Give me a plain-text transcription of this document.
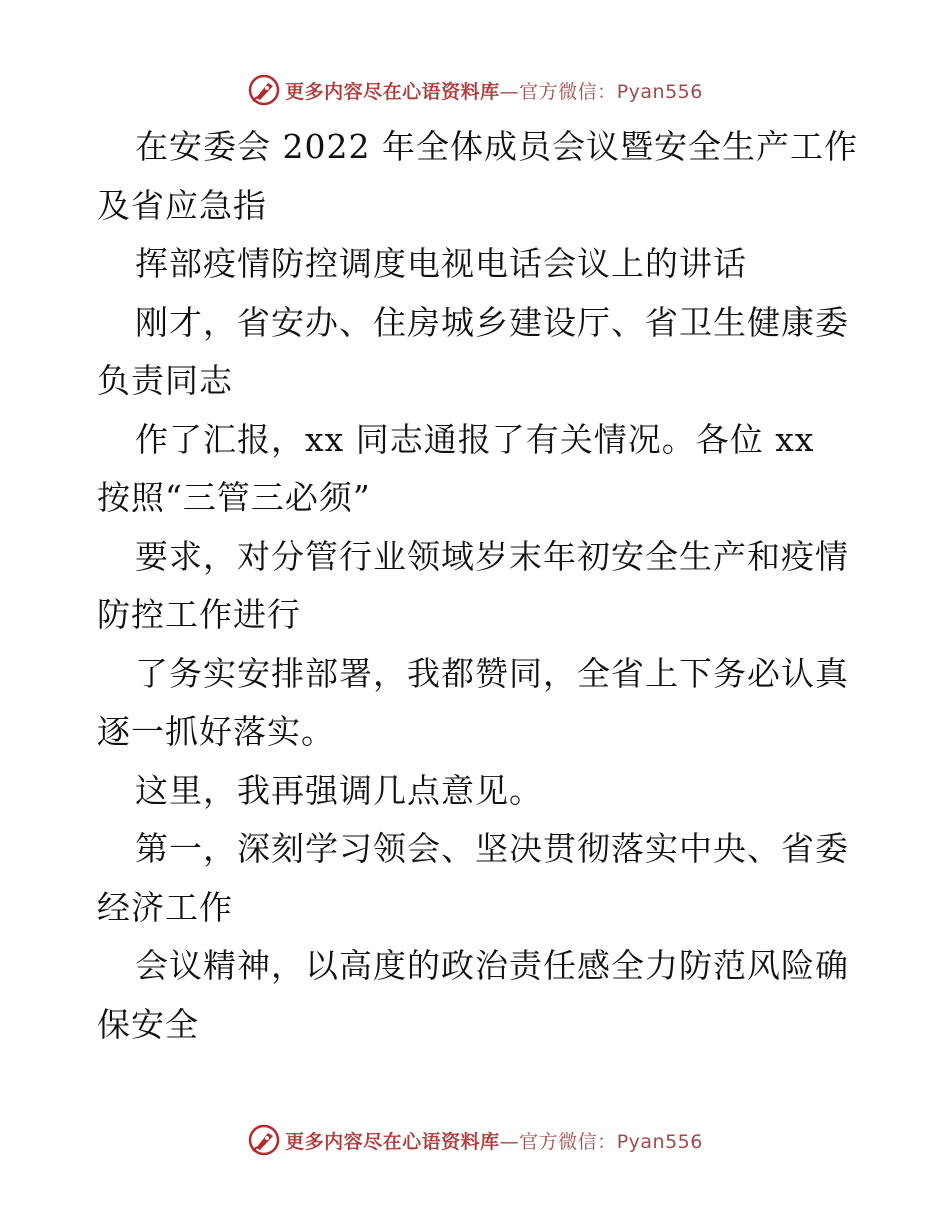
更多内容尽在心语资料库—官方微信：Pyan556
在安委会 2022 年全体成员会议暨安全生产工作
及省应急指
挥部疫情防控调度电视电话会议上的讲话
刚才，省安办、住房城乡建设厅、省卫生健康委
负责同志
作了汇报，xx 同志通报了有关情况。各位 xx
按照“三管三必须”
要求，对分管行业领域岁末年初安全生产和疫情
防控工作进行
了务实安排部署，我都赞同，全省上下务必认真
逐一抓好落实。
这里，我再强调几点意见。
第一，深刻学习领会、坚决贯彻落实中央、省委
经济工作
会议精神，以高度的政治责任感全力防范风险确
保安全
更多内容尽在心语资料库—官方微信：Pyan556
